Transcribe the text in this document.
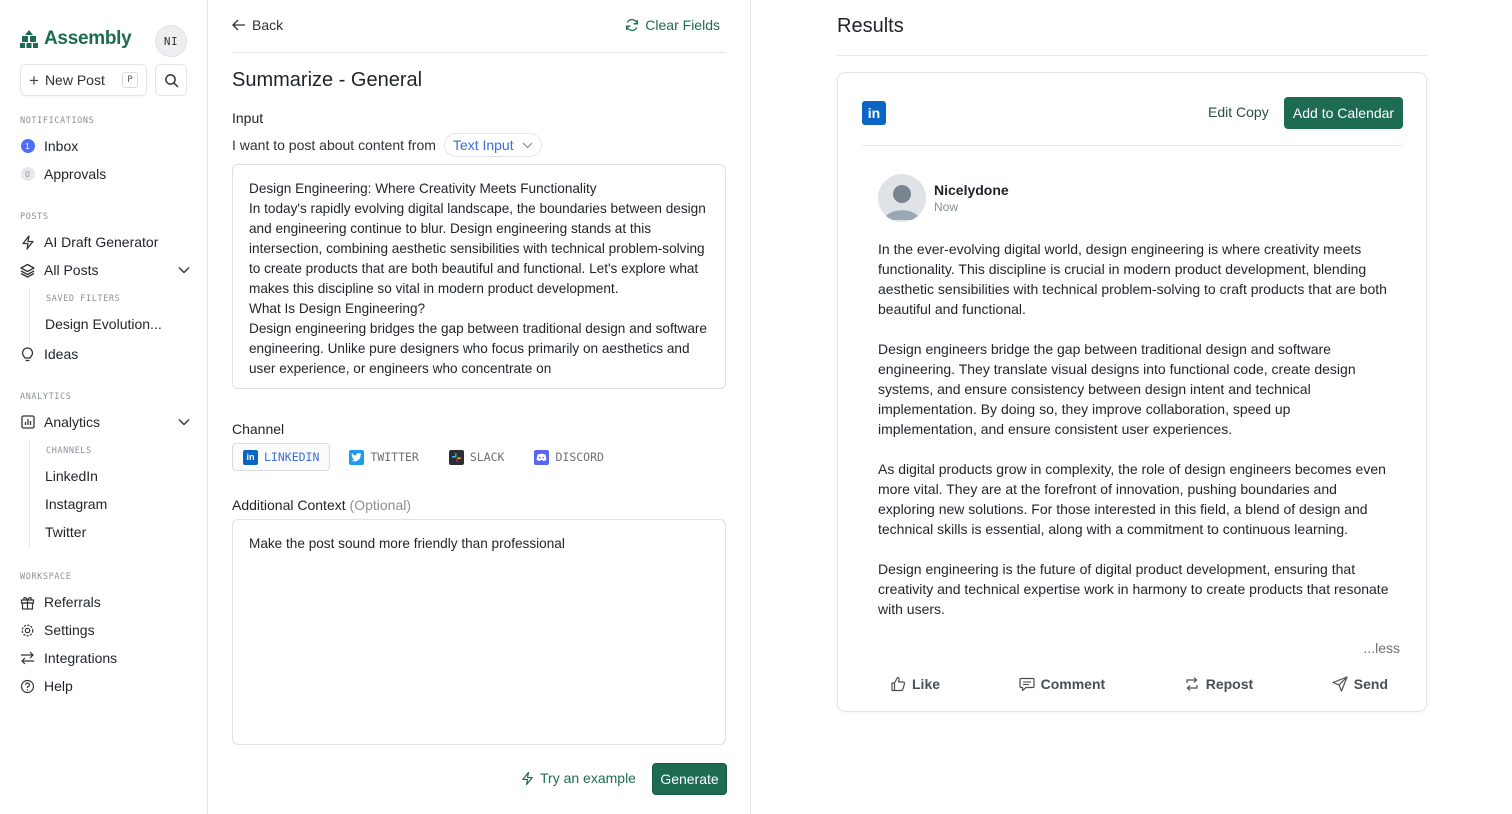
Assembly	NI
+ New Post	P
NOTIFICATIONS
1	Inbox
0	Approvals
POSTS
AI Draft Generator
All Posts
SAVED FILTERS
Design Evolution...
Ideas
ANALYTICS
Analytics
CHANNELS
LinkedIn
Instagram
Twitter
WORKSPACE
Referrals
Settings
Integrations
Help
Back	Clear Fields
Summarize - General
Input
I want to post about content from Text Input
Design Engineering: Where Creativity Meets Functionality
In today's rapidly evolving digital landscape, the boundaries between design and engineering continue to blur. Design engineering stands at this intersection, combining aesthetic sensibilities with technical problem-solving to create products that are both beautiful and functional. Let's explore what makes this discipline so vital in modern product development.
What Is Design Engineering?
Design engineering bridges the gap between traditional design and software engineering. Unlike pure designers who focus primarily on aesthetics and user experience, or engineers who concentrate on
Channel
in LINKEDIN	TWITTER	SLACK	DISCORD
Additional Context (Optional)
Make the post sound more friendly than professional
Try an example	Generate
Results
in	Edit Copy	Add to Calendar
Nicelydone
Now

In the ever-evolving digital world, design engineering is where creativity meets functionality. This discipline is crucial in modern product development, blending aesthetic sensibilities with technical problem-solving to craft products that are both beautiful and functional.

Design engineers bridge the gap between traditional design and software engineering. They translate visual designs into functional code, create design systems, and ensure consistency between design intent and technical implementation. By doing so, they improve collaboration, speed up implementation, and ensure consistent user experiences.

As digital products grow in complexity, the role of design engineers becomes even more vital. They are at the forefront of innovation, pushing boundaries and exploring new solutions. For those interested in this field, a blend of design and technical skills is essential, along with a commitment to continuous learning.

Design engineering is the future of digital product development, ensuring that creativity and technical expertise work in harmony to create products that resonate with users.

...less
Like	Comment	Repost	Send
